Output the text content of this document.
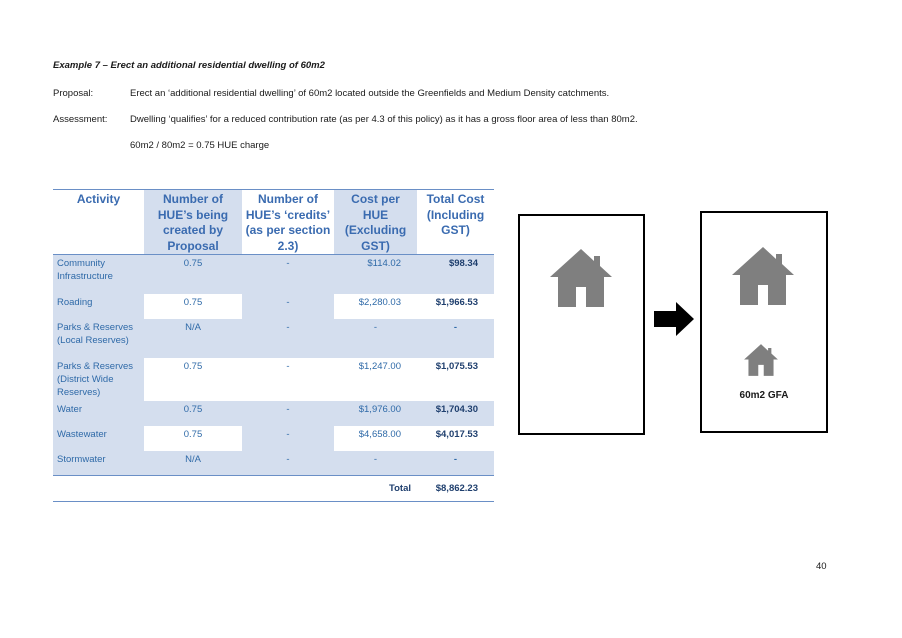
Example 7 – Erect an additional residential dwelling of 60m2
Proposal:	Erect an ‘additional residential dwelling’ of 60m2 located outside the Greenfields and Medium Density catchments.
Assessment: Dwelling ‘qualifies’ for a reduced contribution rate (as per 4.3 of this policy) as it has a gross floor area of less than 80m2.
60m2 / 80m2 = 0.75 HUE charge
Activity	Number of HUE’s being created by Proposal	Number of HUE’s ‘credits’ (as per section 2.3)	Cost per HUE (Excluding GST)	Total Cost (Including GST)
Community Infrastructure	0.75	-	$114.02	$98.34
Roading	0.75	-	$2,280.03	$1,966.53
Parks & Reserves (Local Reserves)	N/A	-	-	-
Parks & Reserves (District Wide Reserves)	0.75	-	$1,247.00	$1,075.53
Water	0.75	-	$1,976.00	$1,704.30
Wastewater	0.75	-	$4,658.00	$4,017.53
Stormwater	N/A	-	-	-
Total				$8,862.23
60m2 GFA
40
